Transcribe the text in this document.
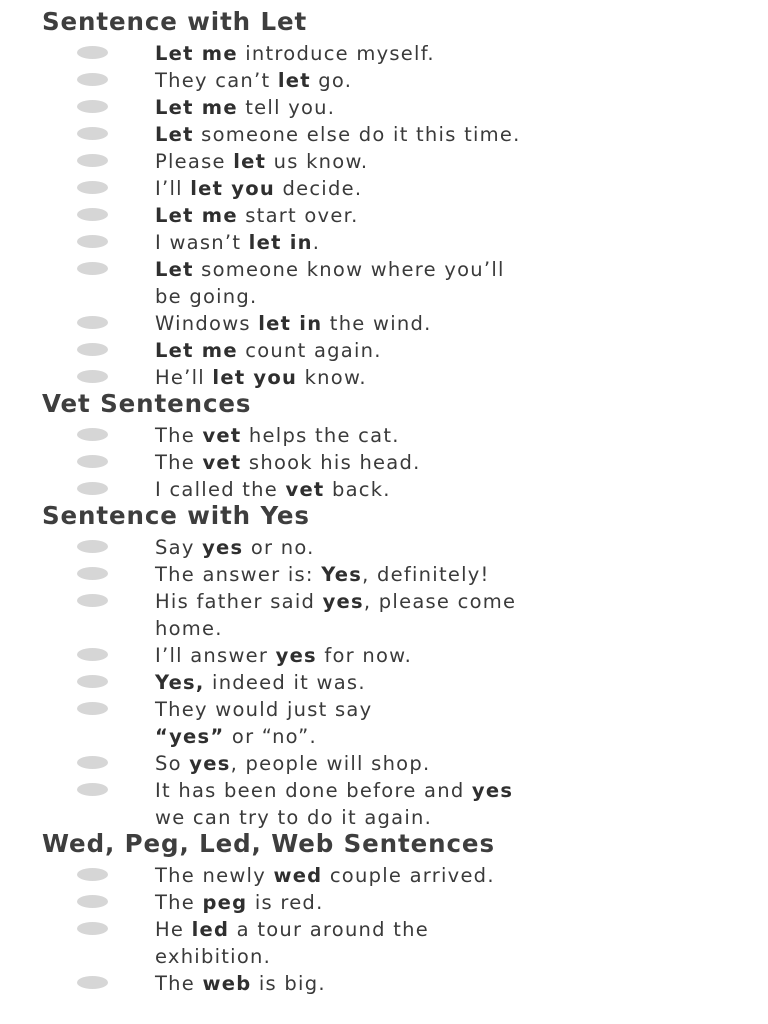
Sentence with Let
Let me introduce myself.
They can’t let go.
Let me tell you.
Let someone else do it this time.
Please let us know.
I’ll let you decide.
Let me start over.
I wasn’t let in.
Let someone know where you’ll
be going.
Windows let in the wind.
Let me count again.
He’ll let you know.
Vet Sentences
The vet helps the cat.
The vet shook his head.
I called the vet back.
Sentence with Yes
Say yes or no.
The answer is: Yes, definitely!
His father said yes, please come
home.
I’ll answer yes for now.
Yes, indeed it was.
They would just say
“yes” or “no”.
So yes, people will shop.
It has been done before and yes
we can try to do it again.
Wed, Peg, Led, Web Sentences
The newly wed couple arrived.
The peg is red.
He led a tour around the
exhibition.
The web is big.
